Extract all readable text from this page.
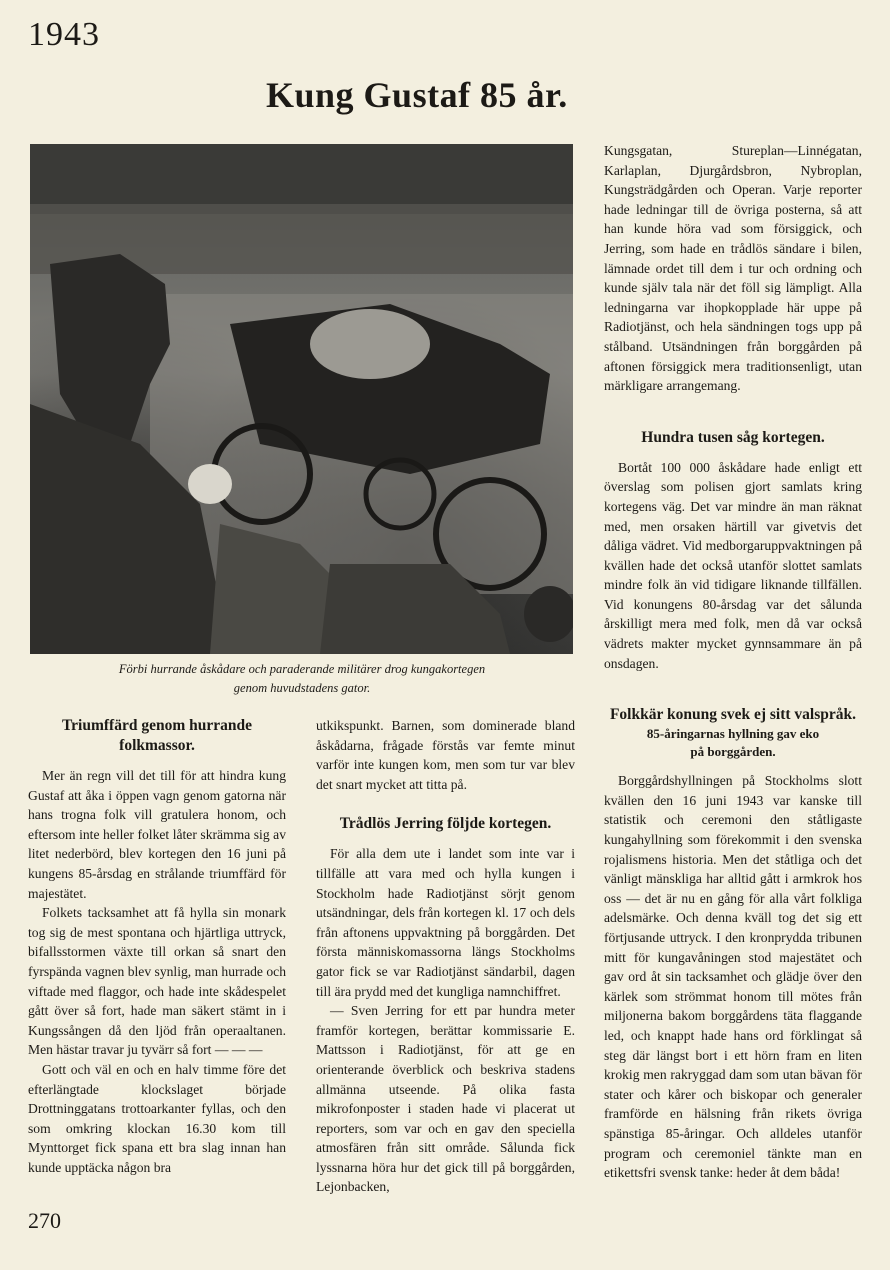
1943
Kung Gustaf 85 år.
Förbi hurrande åskådare och paraderande militärer drog kungakortegen
genom huvudstadens gator.
Triumffärd genom hurrande
folkmassor.

Mer än regn vill det till för att hindra kung Gustaf att åka i öppen vagn genom gatorna när hans trogna folk vill gratulera honom, och eftersom inte heller folket låter skrämma sig av litet nederbörd, blev kortegen den 16 juni på kungens 85-årsdag en strålande triumffärd för majestätet.

Folkets tacksamhet att få hylla sin monark tog sig de mest spontana och hjärtliga uttryck, bifallsstormen växte till orkan så snart den fyrspända vagnen blev synlig, man hurrade och viftade med flaggor, och hade inte skådespelet gått över så fort, hade man säkert stämt in i Kungssången då den ljöd från operaaltanen. Men hästar travar ju tyvärr så fort — — —

Gott och väl en och en halv timme före det efterlängtade klockslaget började Drottninggatans trottoarkanter fyllas, och den som omkring klockan 16.30 kom till Mynttorget fick spana ett bra slag innan han kunde upptäcka någon bra

utkikspunkt. Barnen, som dominerade bland åskådarna, frågade förstås var femte minut varför inte kungen kom, men som tur var blev det snart mycket att titta på.

Trådlös Jerring följde kortegen.

För alla dem ute i landet som inte var i tillfälle att vara med och hylla kungen i Stockholm hade Radiotjänst sörjt genom utsändningar, dels från kortegen kl. 17 och dels från aftonens uppvaktning på borggården. Det första människomassorna längs Stockholms gator fick se var Radiotjänst sändarbil, dagen till ära prydd med det kungliga namnchiffret.

— Sven Jerring for ett par hundra meter framför kortegen, berättar kommissarie E. Mattsson i Radiotjänst, för att ge en orienterande överblick och beskriva stadens allmänna utseende. På olika fasta mikrofonposter i staden hade vi placerat ut reporters, som var och en gav den speciella atmosfären från sitt område. Sålunda fick lyssnarna höra hur det gick till på borggården, Lejonbacken,

Kungsgatan, Stureplan—Linnégatan, Karlaplan, Djurgårdsbron, Nybroplan, Kungsträdgården och Operan. Varje reporter hade ledningar till de övriga posterna, så att han kunde höra vad som försiggick, och Jerring, som hade en trådlös sändare i bilen, lämnade ordet till dem i tur och ordning och kunde själv tala när det föll sig lämpligt. Alla ledningarna var ihopkopplade här uppe på Radiotjänst, och hela sändningen togs upp på stålband. Utsändningen från borggården på aftonen försiggick mera traditionsenligt, utan märkligare arrangemang.

Hundra tusen såg kortegen.

Bortåt 100 000 åskådare hade enligt ett överslag som polisen gjort samlats kring kortegens väg. Det var mindre än man räknat med, men orsaken härtill var givetvis det dåliga vädret. Vid medborgaruppvaktningen på kvällen hade det också utanför slottet samlats mindre folk än vid tidigare liknande tillfällen. Vid konungens 80-årsdag var det sålunda årskilligt mera med folk, men då var också vädrets makter mycket gynnsammare än på onsdagen.

Folkkär konung svek ej sitt valspråk.
85-åringarnas hyllning gav eko
på borggården.

Borggårdshyllningen på Stockholms slott kvällen den 16 juni 1943 var kanske till statistik och ceremoni den ståtligaste kungahyllning som förekommit i den svenska rojalismens historia. Men det ståtliga och det vänligt mänskliga har alltid gått i armkrok hos oss — det är nu en gång för alla vårt folkliga adelsmärke. Och denna kväll tog det sig ett förtjusande uttryck. I den kronprydda tribunen mitt för kungavåningen stod majestätet och gav ord åt sin tacksamhet och glädje över den kärlek som strömmat honom till mötes från miljonerna bakom borggårdens täta flaggande led, och knappt hade hans ord förklingat så steg där längst bort i ett hörn fram en liten krokig men rakryggad dam som utan bävan för stater och kårer och biskopar och generaler framförde en hälsning från rikets övriga spänstiga 85-åringar. Och alldeles utanför program och ceremoniel tänkte man en etikettsfri svensk tanke: heder åt dem båda!

270
